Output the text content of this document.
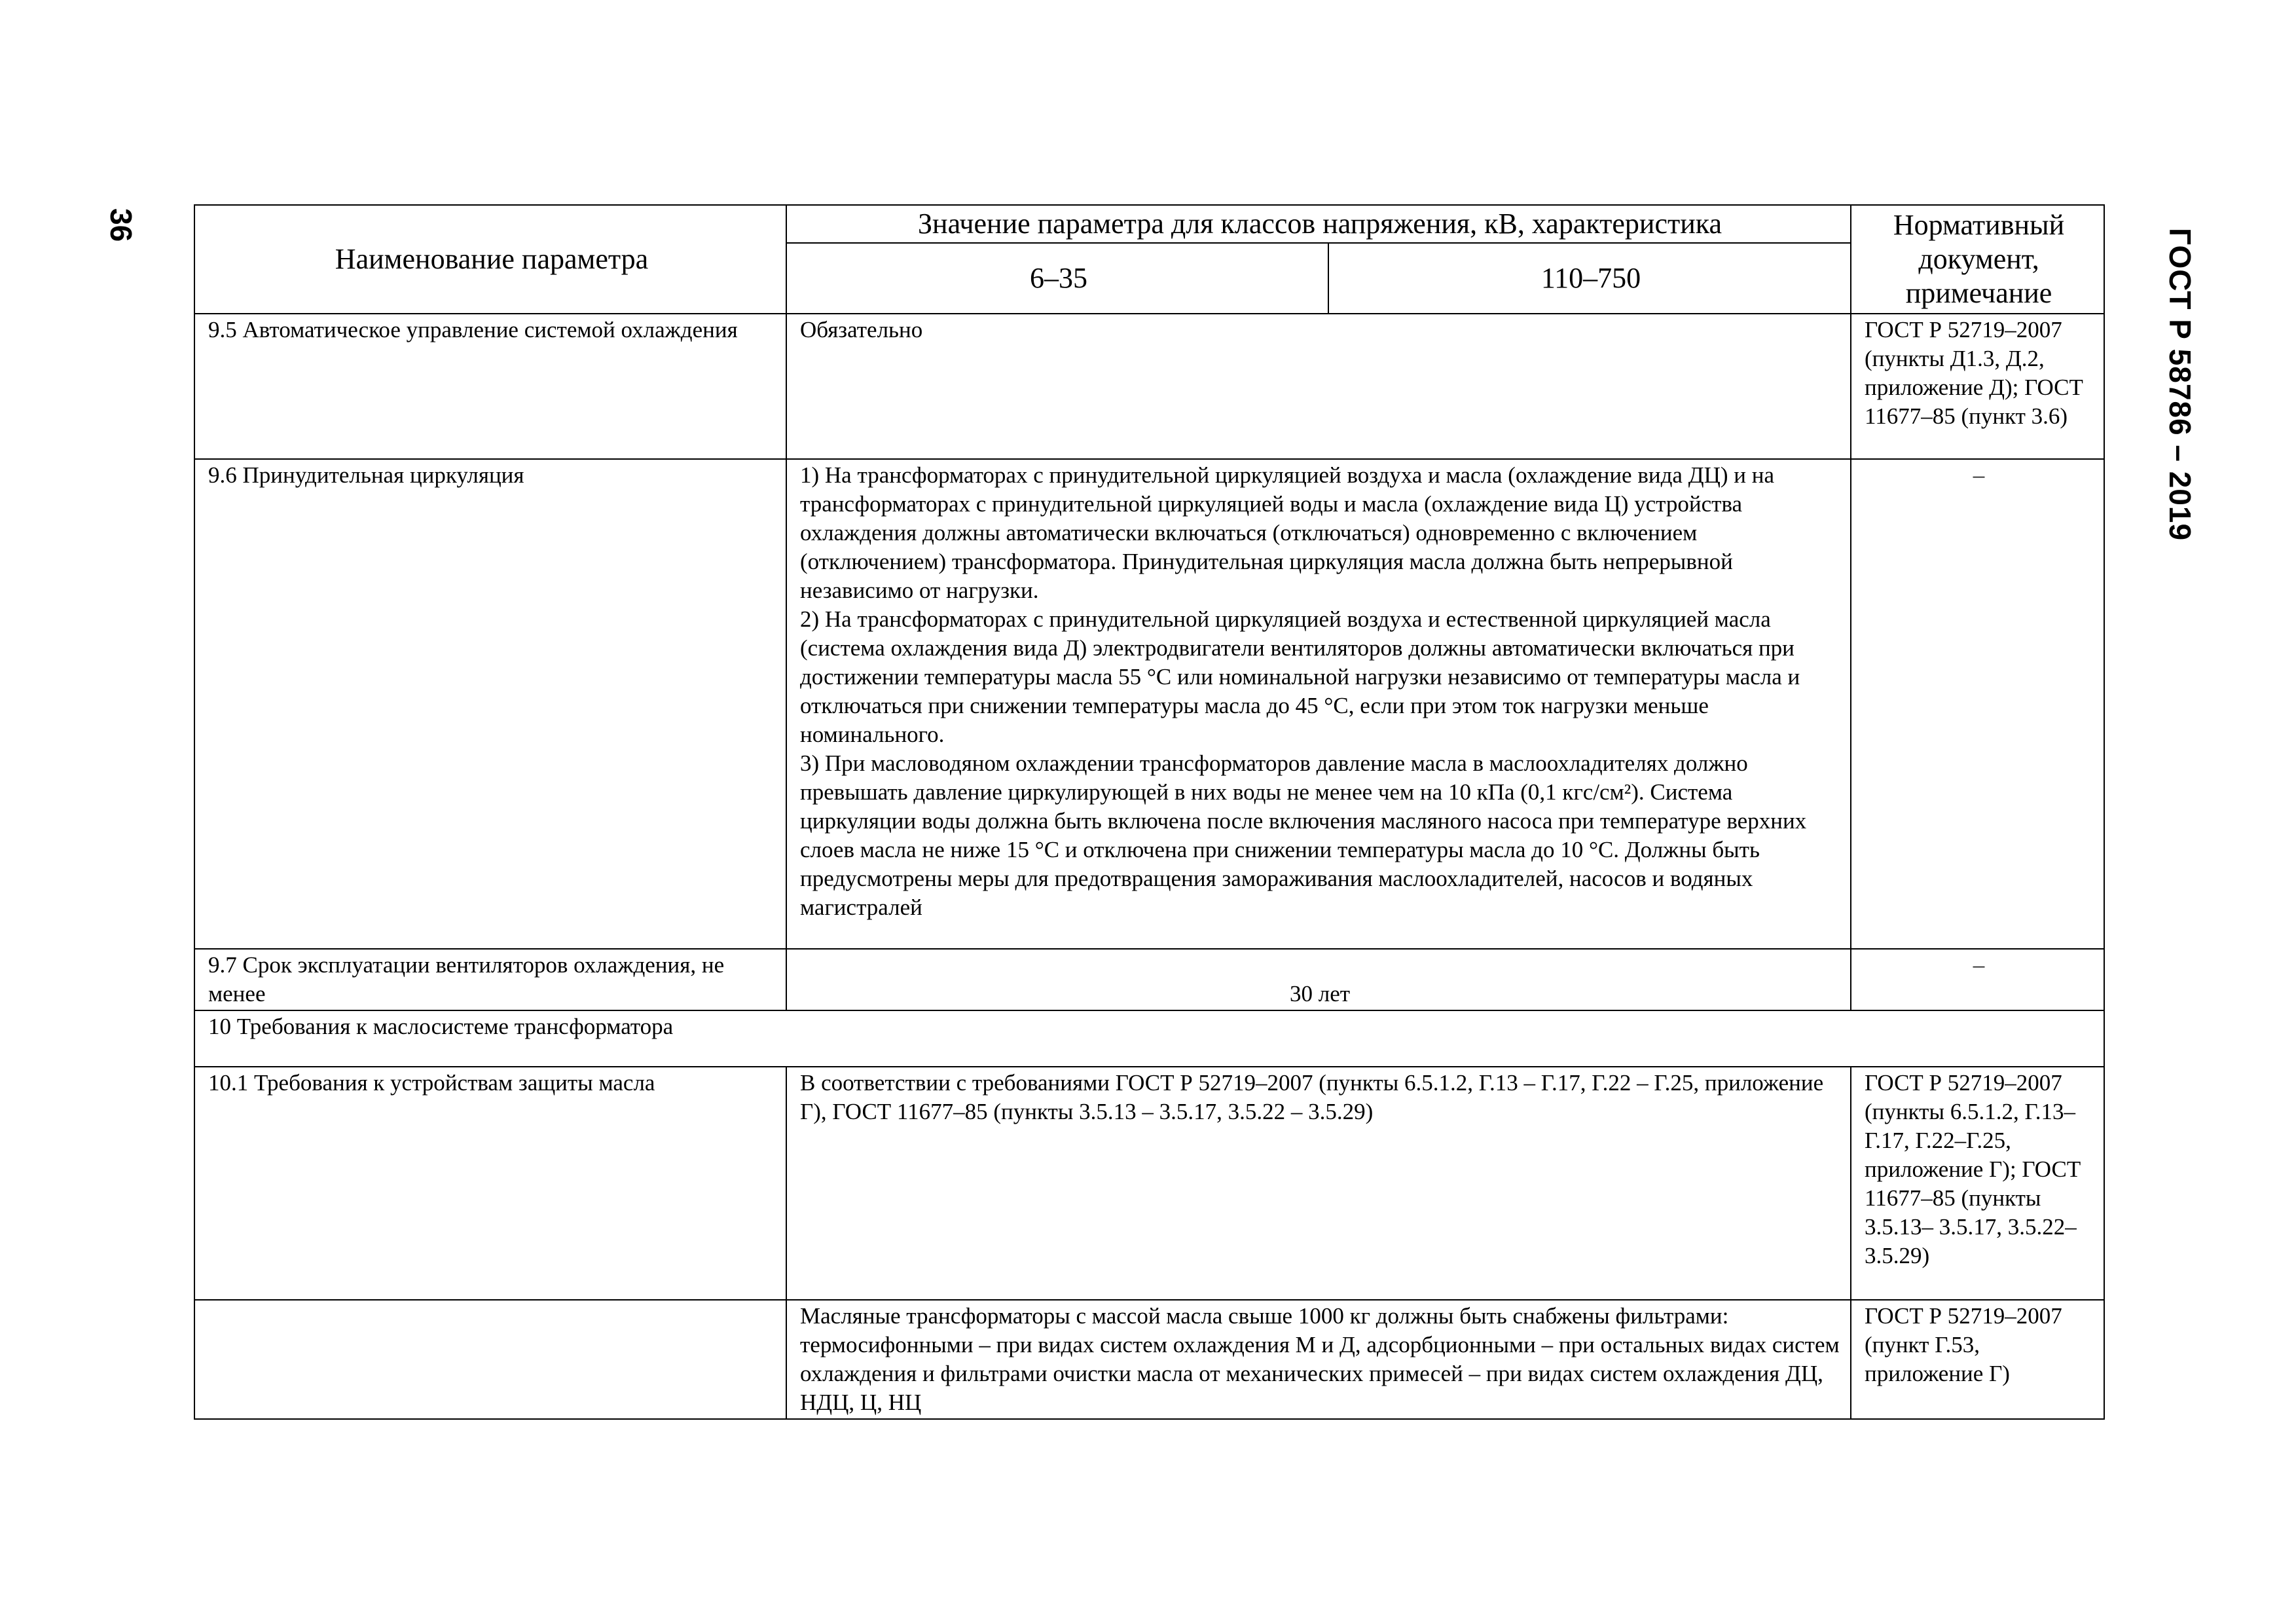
36
ГОСТ Р 58786 – 2019
Наименование параметра	Значение параметра для классов напряжения, кВ, характеристика		Нормативный документ, примечание
	6–35	110–750	
9.5 Автоматическое управление системой охлаждения	Обязательно		ГОСТ Р 52719–2007 (пункты Д1.3, Д.2, приложение Д); ГОСТ 11677–85 (пункт 3.6)
9.6 Принудительная циркуляция	1) На трансформаторах с принудительной циркуляцией воздуха и масла (охлаждение вида ДЦ) и на трансформаторах с принудительной циркуляцией воды и масла (охлаждение вида Ц) устройства охлаждения должны автоматически включаться (отключаться) одновременно с включением (отключением) трансформатора. Принудительная циркуляция масла должна быть непрерывной независимо от нагрузки.
2) На трансформаторах с принудительной циркуляцией воздуха и естественной циркуляцией масла (система охлаждения вида Д) электродвигатели вентиляторов должны автоматически включаться при достижении температуры масла 55 °С или номинальной нагрузки независимо от температуры масла и отключаться при снижении температуры масла до 45 °С, если при этом ток нагрузки меньше номинального.
3) При масловодяном охлаждении трансформаторов давление масла в маслоохладителях должно превышать давление циркулирующей в них воды не менее чем на 10 кПа (0,1 кгс/см²). Система циркуляции воды должна быть включена после включения масляного насоса при температуре верхних слоев масла не ниже 15 °С и отключена при снижении температуры масла до 10 °С. Должны быть предусмотрены меры для предотвращения замораживания маслоохладителей, насосов и водяных магистралей		–
9.7 Срок эксплуатации вентиляторов охлаждения, не менее	30 лет		–
10 Требования к маслосистеме трансформатора			
10.1 Требования к устройствам защиты масла	В соответствии с требованиями ГОСТ Р 52719–2007 (пункты 6.5.1.2, Г.13 – Г.17, Г.22 – Г.25, приложение Г), ГОСТ 11677–85 (пункты 3.5.13 – 3.5.17, 3.5.22 – 3.5.29)		ГОСТ Р 52719–2007 (пункты 6.5.1.2, Г.13–Г.17, Г.22–Г.25, приложение Г); ГОСТ 11677–85 (пункты 3.5.13– 3.5.17, 3.5.22–3.5.29)
	Масляные трансформаторы с массой масла свыше 1000 кг должны быть снабжены фильтрами: термосифонными – при видах систем охлаждения М и Д, адсорбционными – при остальных видах систем охлаждения и фильтрами очистки масла от механических примесей – при видах систем охлаждения ДЦ, НДЦ, Ц, НЦ		ГОСТ Р 52719–2007 (пункт Г.53, приложение Г)
